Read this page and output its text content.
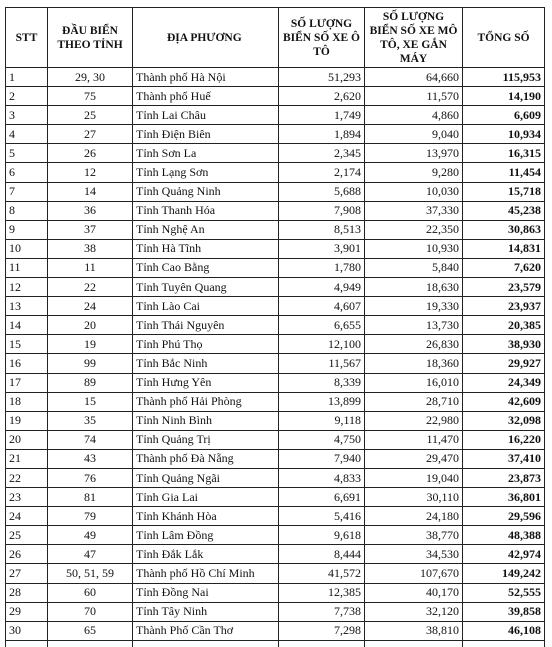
STT	ĐẦU BIỂN THEO TỈNH	ĐỊA PHƯƠNG	SỐ LƯỢNG BIỂN SỐ XE Ô TÔ	SỐ LƯỢNG BIỂN SỐ XE MÔ TÔ, XE GẮN MÁY	TỔNG SỐ
1	29, 30	Thành phố Hà Nội	51,293	64,660	115,953
2	75	Thành phố Huế	2,620	11,570	14,190
3	25	Tỉnh Lai Châu	1,749	4,860	6,609
4	27	Tỉnh Điện Biên	1,894	9,040	10,934
5	26	Tỉnh Sơn La	2,345	13,970	16,315
6	12	Tỉnh Lạng Sơn	2,174	9,280	11,454
7	14	Tỉnh Quảng Ninh	5,688	10,030	15,718
8	36	Tỉnh Thanh Hóa	7,908	37,330	45,238
9	37	Tỉnh Nghệ An	8,513	22,350	30,863
10	38	Tỉnh Hà Tĩnh	3,901	10,930	14,831
11	11	Tỉnh Cao Bằng	1,780	5,840	7,620
12	22	Tỉnh Tuyên Quang	4,949	18,630	23,579
13	24	Tỉnh Lào Cai	4,607	19,330	23,937
14	20	Tỉnh Thái Nguyên	6,655	13,730	20,385
15	19	Tỉnh Phú Thọ	12,100	26,830	38,930
16	99	Tỉnh Bắc Ninh	11,567	18,360	29,927
17	89	Tỉnh Hưng Yên	8,339	16,010	24,349
18	15	Thành phố Hải Phòng	13,899	28,710	42,609
19	35	Tỉnh Ninh Bình	9,118	22,980	32,098
20	74	Tỉnh Quảng Trị	4,750	11,470	16,220
21	43	Thành phố Đà Nẵng	7,940	29,470	37,410
22	76	Tỉnh Quảng Ngãi	4,833	19,040	23,873
23	81	Tỉnh Gia Lai	6,691	30,110	36,801
24	79	Tỉnh Khánh Hòa	5,416	24,180	29,596
25	49	Tỉnh Lâm Đồng	9,618	38,770	48,388
26	47	Tỉnh Đắk Lắk	8,444	34,530	42,974
27	50, 51, 59	Thành phố Hồ Chí Minh	41,572	107,670	149,242
28	60	Tỉnh Đồng Nai	12,385	40,170	52,555
29	70	Tỉnh Tây Ninh	7,738	32,120	39,858
30	65	Thành Phố Cần Thơ	7,298	38,810	46,108
